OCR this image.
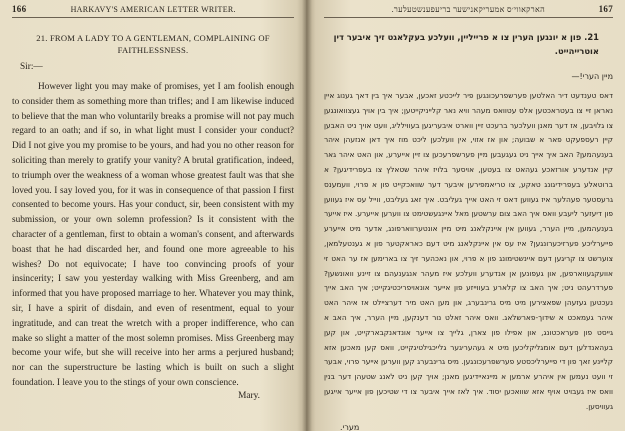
166	HARKAVY'S AMERICAN LETTER WRITER.
21. FROM A LADY TO A GENTLEMAN, COMPLAINING OF FAITHLESSNESS.
Sir:—
However light you may make of promises, yet I am foolish enough to consider them as something more than trifles; and I am likewise induced to believe that the man who voluntarily breaks a promise will not pay much regard to an oath; and if so, in what light must I consider your conduct? Did I not give you my promise to be yours, and had you no other reason for soliciting than merely to gratify your vanity? A brutal gratification, indeed, to triumph over the weakness of a woman whose greatest fault was that she loved you. I say loved you, for it was in consequence of that passion I first consented to become yours. Has your conduct, sir, been consistent with my submission, or your own solemn profession? Is it consistent with the character of a gentleman, first to obtain a woman's consent, and afterwards boast that he had discarded her, and found one more agreeable to his wishes? Do not equivocate; I have too convincing proofs of your insincerity; I saw you yesterday walking with Miss Greenberg, and am informed that you have proposed marriage to her. Whatever you may think, sir, I have a spirit of disdain, and even of resentment, equal to your ingratitude, and can treat the wretch with a proper indifference, who can make so slight a matter of the most solemn promises. Miss Greenberg may become your wife, but she will receive into her arms a perjured husband; nor can the superstructure be lasting which is built on such a slight foundation. I leave you to the stings of your own conscience.
Mary.
167
הארקאווי׳ס אמעריקאנישער בריעפענשטעלער.
21. פון א יונגען הערין צו א פרייליין, װעלכע בעקלאגט זיך איבער דין אוטרייהייט.
מיין הערי!—
דאס טענדעט דיר האלטען פערשפרעכונגען פיר לייכטע זאכען, אבער איך בין דאך גענוג איין נאראן זיי צו בעטראכטען אלס עטוואס מעהר וויא נאר קלייניקייטען; איך בין אויך געצוואונגען צו גלויבען, אז דער מאנן וועלכער ברעכט זיין ווארט איבעריגען בעווילליג, וועט אויך ניט האבען קיין רעספעקט פאר א שבועה; און אז אזוי, אין וועלכען ליכט מוז איך דאן אנזעהן איהר בענעהמען? האב איך אייך ניט געגעבען מיין פערשפרעכען צו זיין אייערע, און האט איהר גאר קיין אנדערע אורזאכע געהאט צו בעטען, אויסער בלויז איהר שטאלץ צו בעפרידיגען? א ברוטאלע בעפרידיגונג טאקע, צו טריאמפירען איבער דער שוואכקייט פון א פרוי, וועמענס גרעסטער פעהלער איז געווען דאס זי האט אייך געליבט. איך זאג געליבט, ווייל עס איז געווען פון דיעזער ליעבע וואס איך האב צום ערשטען מאל איינגעשטימט צו ווערען אייערע. איז אייער בענעהמען, מיין הערר, געווען אין איינקלאנג מיט מיין אונטערווארפונג, אדער מיט אייערע פייערליכע פערזיכערונגען? איז עס אין איינקלאנג מיט דעם כאראקטער פון א גענטעלמאן, צוערשט צו קריגען דעם איינשטימונג פון א פרוי, און נאכהער זיך צו בארימען אז ער האט זי אוועקגעווארפען, און געפונען אן אנדערע וועלכע איז מעהר אנגענעהם צו זיינע וואונשען? פערדרעהט ניט; איך האב צו קלארע בעווייזע פון אייער אונאויפריכטיגקייט; איך האב אייך נעכטען געזעהן שפאצירען מיט מיס גרינבערג, און מען האט מיר דערציילט אז איהר האט איהר געמאכט א שידוך-פארשלאג. וואס איהר זאלט נור דענקען, מיין הערר, איך האב א גייסט פון פעראכטונג, און אפילו פון צארן, גלייך צו אייער אונדאנקבארקייט, און קען בעהאנדלען דעם אומגליקליכען מיט א געהעריגער גלייכגילטיגקייט, וואס קען מאכען אזא קליינע זאך פון די פייערליכסטע פערשפרעכונגען. מיס גרינבערג קען ווערען אייער פרוי, אבער זי וועט נעמען אין איהרע ארמען א מיינאיידיגען מאנן; אויך קען ניט לאנג שטעהן דער בנין וואס איז געבויט אויף אזא שוואכען יסוד. איך לאז אייך איבער צו די שטיכען פון אייער אייגען געוויסען.
מערי.
